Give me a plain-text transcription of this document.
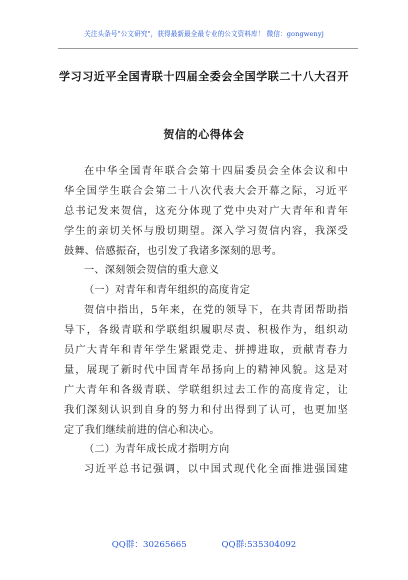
关注头条号"公文研究"，获得最新最全最专业的公文资料库！ 微信：gongwenyj
学习习近平全国青联十四届全委会全国学联二十八大召开
贺信的心得体会
在中华全国青年联合会第十四届委员会全体会议和中
华全国学生联合会第二十八次代表大会开幕之际，习近平
总书记发来贺信，这充分体现了党中央对广大青年和青年
学生的亲切关怀与殷切期望。深入学习贺信内容，我深受
鼓舞、倍感振奋，也引发了我诸多深刻的思考。
一、深刻领会贺信的重大意义
（一）对青年和青年组织的高度肯定
贺信中指出，5年来，在党的领导下，在共青团帮助指
导下，各级青联和学联组织履职尽责、积极作为，组织动
员广大青年和青年学生紧跟党走、拼搏进取，贡献青春力
量，展现了新时代中国青年昂扬向上的精神风貌。这是对
广大青年和各级青联、学联组织过去工作的高度肯定，让
我们深刻认识到自身的努力和付出得到了认可，也更加坚
定了我们继续前进的信心和决心。
（二）为青年成长成才指明方向
习近平总书记强调，以中国式现代化全面推进强国建
QQ群：30265665	QQ群:535304092
